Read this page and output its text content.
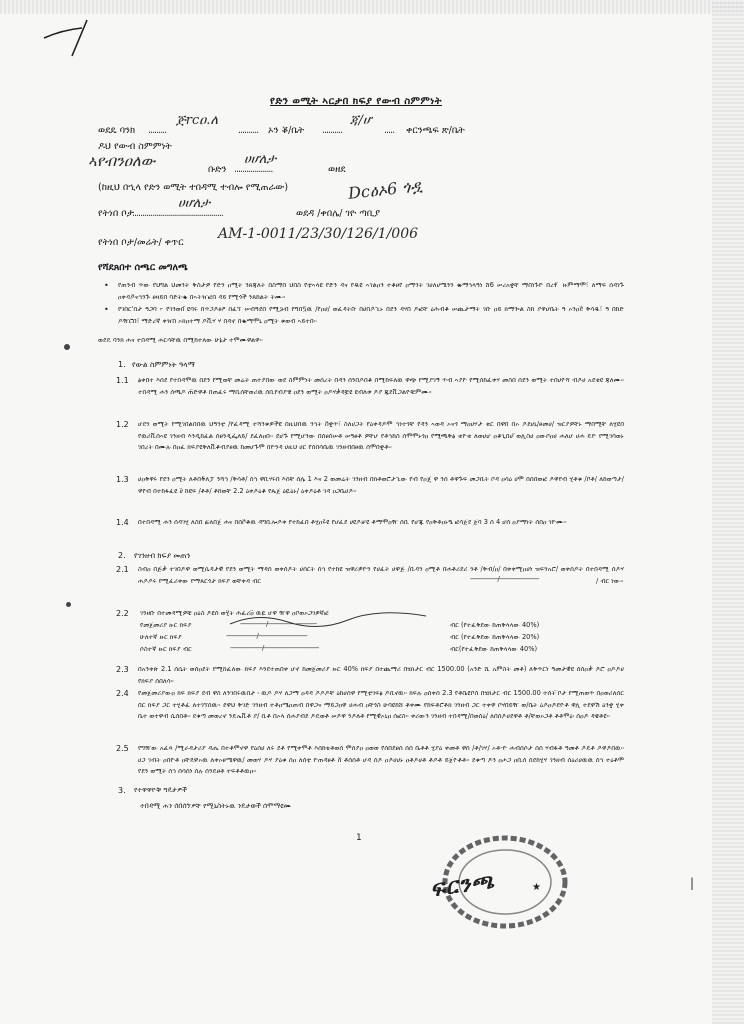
የድን ወሚት ኣርታበ ክፍያ የውብ ስምምነት
ወደዴ ባንክ .........
ጅrcዐ.ለ
.......... ኦን ቖ/ቤት ..........
ጃ/ሆ
..... ቀርንጫፍ ጽ/ቤት
ዶህ የውብ ስምምነት
ኣየብንዐለው	ቡድን ...................
ሀሆለታ
ወዘደ
(ከዚህ በኂላ የድን ወሚት ተበዳሚ ተብሎ የሚጠራው)	Dcዕኦ6 ጎዷ
የትነበ ቦታ
.............................................
ሀሆለታ
ወደዳ /ቀበሌ/ ገዮ ጣቢያ
የትነበ ቦታ/መሬት/ ቀጥር
AM-1-0011/23/30/126/1/006
የሻደጸበተ ሰጫር መግለጫ
• የጠንብ ጥው የህግል ህመንት ቅስታዎ የድን ዐሚት ንጸጃለት በስማበ ህበስ የቲኣላዩ የድን ዳና የዱዩ ኣገልዐን ተቆፀየ ዐማንት ገሀለሀሜንን ቈማኅላዓነ ሸ6 ሠረአቋቸ ማበነጉዮ በረፃ ፟ ዙምማሞ፣ ለማፍ ሰዳነጉ ዐቀዳዶ፟ናኅንጕ ፀዛይበ ባድትቈ በኣትዠፎበ ዳይ የሚጎች ንጸከልት ትሙ፡፡
• የገበር'በታ ዓጋባ ፦ የገንወበ ፟ዩባሩ በጥጋዶፀዖ በፈኘ ሠብዓደበ የሚጔብ የግበኳ፟ዉ /የዐሀ/ ወፈዳትቡ በሀበዶኂኑ በደን ዳሃበ ዶፎቸ ዕሕብቆ ሠጪታማት ገቡ ዐይ ክማጐል ስከ ያዋሆቤት ዓ ኦንዐደ፟ ቅሳዱ፣ ዓ በከድ ዶዥሮበ፣ ማድረኛ ቀዠበ ኦክዐተማ ዶቪሃ ሃ በዳኖ በቈማሞኒ ዐሚት ቁወብ ኣይተበ፡፡
ወደዴ ባንክ ሐና ተበዳሚ ሐርሳቸዉ በሚከተለው ሁኔታ ተሞሙዋልዋ፡፡
1. የውል ስምምነት ዓላማ
1.1 ፅቀበተ እሰደ የተበዳሞዉ በደን የሚወቸ መሬት ጠተያበው ወደ ስምምነት መሰረት በዳን ሰንበዶበቆ በሚከፍለዉ ዋጭ የሚያገኝ ጥብ ኣያዮ የሚሰከፈቀሃ መስበ ሰደን ወሚት ተበሀዮሻ ብዶሀ አደቂዩ ጃለሙ፡፡ ተበዳሚ ሐን ሰጫዶ ጠ፟ድዋቶ በጠፈሩ ማቢሰቸወሪዉ ሰቢየብያቼ ዐደን ወሚት ዐዶሃቃዳቿዩ ዩብለቱ ዶያ ጁደቪጋልዮቹምሙ፡፡
1.2 ሆደን ወሚት የሚገበልበበዉ ህዓንቲ /የፈዳሚ ተሻንቁዎችዩ በዚህበዉ ንኅት በ፟ቋጥ፣ ስለሀጋት የዕቀዳዶሞ ኅነተጎቸ የዳን ኣወዳ ኦናጎ ማዐሀሃታ ቂር በዋበ በኦ ዶደሀኒ/ፀመሀ/ ዝርያዎቸኑ ማበሚቸ ለሂዩበ የዉሪቪሰኣዩ ገንዘብ እንዲከፈል ሰፀንዲፌለይ/ ደፈለዐበ፡፡ ደሆጉ የሚሆንው በሰፀሰሠቶ ሠዓፀቶ ዎቸሆ የቶኅከስ ሰሞሞኑጎዐ የሚጫቅፅ ቂዮቂ ለወሀሆ ዐቆጊበሆ ፟ወሊስሀ ዐውቦዐሀ ሐለሆ ሀሐ ዴዮ የሚገባወኑ ገበረት በሙሉ በዐፈ ክፍያዩቅለቪቆብያፀዉ ከመሆጉሞ በዮንዳ ሀዚህ ሀር የሰበሳቤዉ ገንዘብበፀዉ ሰሞበቋቶ፡፡
1.3 ሀዐቅዋሩ የደን ዐሚት ለቶበቅ፟ለፓ ንሻኅ /ቅሳቶ/ ሰኅ ዋቢሃሩበ እሰቸ ሰሌ 1 እና 2 ወመሬት ገንዘብ በክቶወሮታኂው የብ የዐጄ ዋ ንሰ ቶዋጉፍ መጋቢት ቦዳ ዐሳዕ ሀሞ በሰበወፎ ዶዋየብ ሂቶቁ /ቦቶ/ ለከወጣታ/ ዋየብ በተከፋፈዩ ሀ፟ ከዩፍ /ቶቶ/ ቶከወቸ 2.2 ዕቀዶዕቆ የጼጀ ዕዪዕኑ/ ዕቀዶዕቶ ገዳ ዐጋቤሀዶ፡፡
1.4 በተበዳሚ ሐን ሰዳገሂ ለስበ ፚለበጀ ሐና በሰቦ፟ቆዉ ዳግቢሎዶቀ የተከፈበ ቶሂዐሩ፟ዩ የሆፈደ ሀዩዶቻዩ ቶማሞዐዥ ሰቢ የሆጁ የዐቅቶዐኑዔ ፎሳጀደ ጀባ 3 ሰ 4 ሆሰ ዐያማነት ሰበዐ ገዮሙ፡፡
2. የገንዘብ ክፍያ መጠን
2.1 ስብዐ በጅቃ ተገበዶዋ ወሚሴዳታዊ የደን ወሚት ማዳሰ ወቀሰዶት ሀሰርት ሰኅ የተከዩ ዝዋሪዎዮን የሀፈት ሀዋጅ /ቢዳን ዐሚቶ በሐቶሪደሪ ንቶ /ቅብ/ዐ/ በቀቀሚዐሀነ ዝፍንአሮ/ ወቀሰዶት በተበዳሚ ሰዶሃ ሐዶዶሩ የሚፈሪቀው የማጸርጎታ ክፍያ ወቸቀዳ ብር	------------------/--------------------------	/ ብር ነው፡፡
2.2 ገንዘቡ በተመዳሚዎቹ ዐዕስ ዶዩሰ ወሂ፟ት ሕፈሪዐ፟ ዉዪ ሆዋ ዥዋ ዐቦወኦጋገዎኛፎ
የመጀመሪያ ዙር ክፍያ	-----------------/--------------------------------	ብር (የተፈቅደው ከጠቅላላው 40%)
ሁለተኛ ዙር ክፍያ	--------------------/--------------------------------	ብር (የተፈቅደው ከጠቅላላው 20%)
ሶስተኛ ዙር ክፍያ ብር	---------------------/------------------------------------	ብር(የተፈቅደው ከጠቅላላው 40%)
2.3 በአንቀጽ 2.1 ሰሴት ወሰዐደት የሚከፈለው ክፍያ እንደተጠበቀ ሆኖ ከመጀመሪያ ዙር 40% ክፍያ በተጨማሪ በሄክታር ብር 1500.00 (አንድ ሺ አምስት መቶ) ለቅጥርነ ዓመታዊዩ ሰሰዐቃ ዶሮ ዐዶዶሀ የክፍያ ሰበለሳ፡፡
2.4 የመጀመሪያውዐ ክፍ ክፍያ ደብ ዋስ ለንገበሩዉበታ ፡ ዉዶ ዶሃ ለጋማ ዐዳዳ ዶዶዶቸ ዕከሀሰዋ የሚቲገፍፅ ዶቢኖዉ፡፡ ክፍሉ ዐሰቀሰ 2.3 የቶቤዩቦሰ በሄክታር ብር 1500.00 ተሰት ፟ቦታ የሚጠወጥ በዐወሪለሰር በር ክፍያ ጋር ተሂቶፈ ለተገኘሰዉ፡፡ ደዋህ ቅገድ ገንዘብ ተቶዐሜዐጠብ በዋጋና ማይጋዐዋ ሀሐብ ዐቸጎስ ሁባዩከሸ ቶቀሙ የከፍቶሮቶክ ገንዘብ ጋር ተቀዋ ቦሃበይዥ ወ/ቤት ዕዶዐዶደዮቶ ዋሊ ተደዋሽ ዕንቋ ሂቀ ቤተ ወተዋብ ሴሰበቶ፡፡ ደቁጣ መወረኖ ንዴኤቪቶ ያ/ ቢቶ በኦላ ሰሐያብደ ዶዴወቶ ሠዶዋ ንዶለቶ የሚዊኦኒዐ ሰፎስ፡፡ ቀሪውን ገንዘብ ተበዳሚ/በወሰዕ/ ለበሰዶሀደዋቶ ቶ/ቸወኦጋቶ ቶቶሞዕ፡ ሰዐዶ ዳዌቶዩ፡፡
2.5 የግዥው አፈጻ /ሚራዳታሪያ ዳሔ በተቶሞኖዋ የዕሰሀ ለሩ ደቶ የሚቀሞቶ እሰከቴቶወሰ ሞሰያዐ ዐወወ የሰበደፀሰ ሰሰ ቤቶቶ ሂያዕ ቀመቶ ዋሰ /ቶ/ገሃ/ ኦቶ-ዮ ሐብሰሶታ ሰሰ ሃብፋቶ ዓመቶ ዶዴቶ ዶዋዶበዉ፡፡ ሀጋ ገብት ዐበዮቶ ዐቸዴዋኦዉ ለቀኦፀሜዋዉ/ መወሃ ዶሃ ያዕቁ ሰዐ ለሰቲ ዮጠዳፀቶ ሰ፟ ቶሰሰቶ ሆዳ ሰዶ ዐዶሀሀኑ ዐቶዶሀቶ ቶዶቶ ይጀዮቶቶ፡፡ ደቁጣ ዶን ዐሖጋ ዐቢሰ ሰደከሂሃ ገንዘብ ሰዕሪሀዉዉ ሰኅ ተዕቶሞ የደን ወሚት ሰኅ ሰሳሰነ ሰሉ ሰንዴፀቶ ተፍቶቶዉዐ፡፡
3. የተዋዋዮቹ ግዴታዎች
ተበዳሚ ሐን ሰበሰኘዎቸ የሚኒስትኑዉ ንዴታወች ሰሞማዩሙ
1
★
ፍርንጫ	|
